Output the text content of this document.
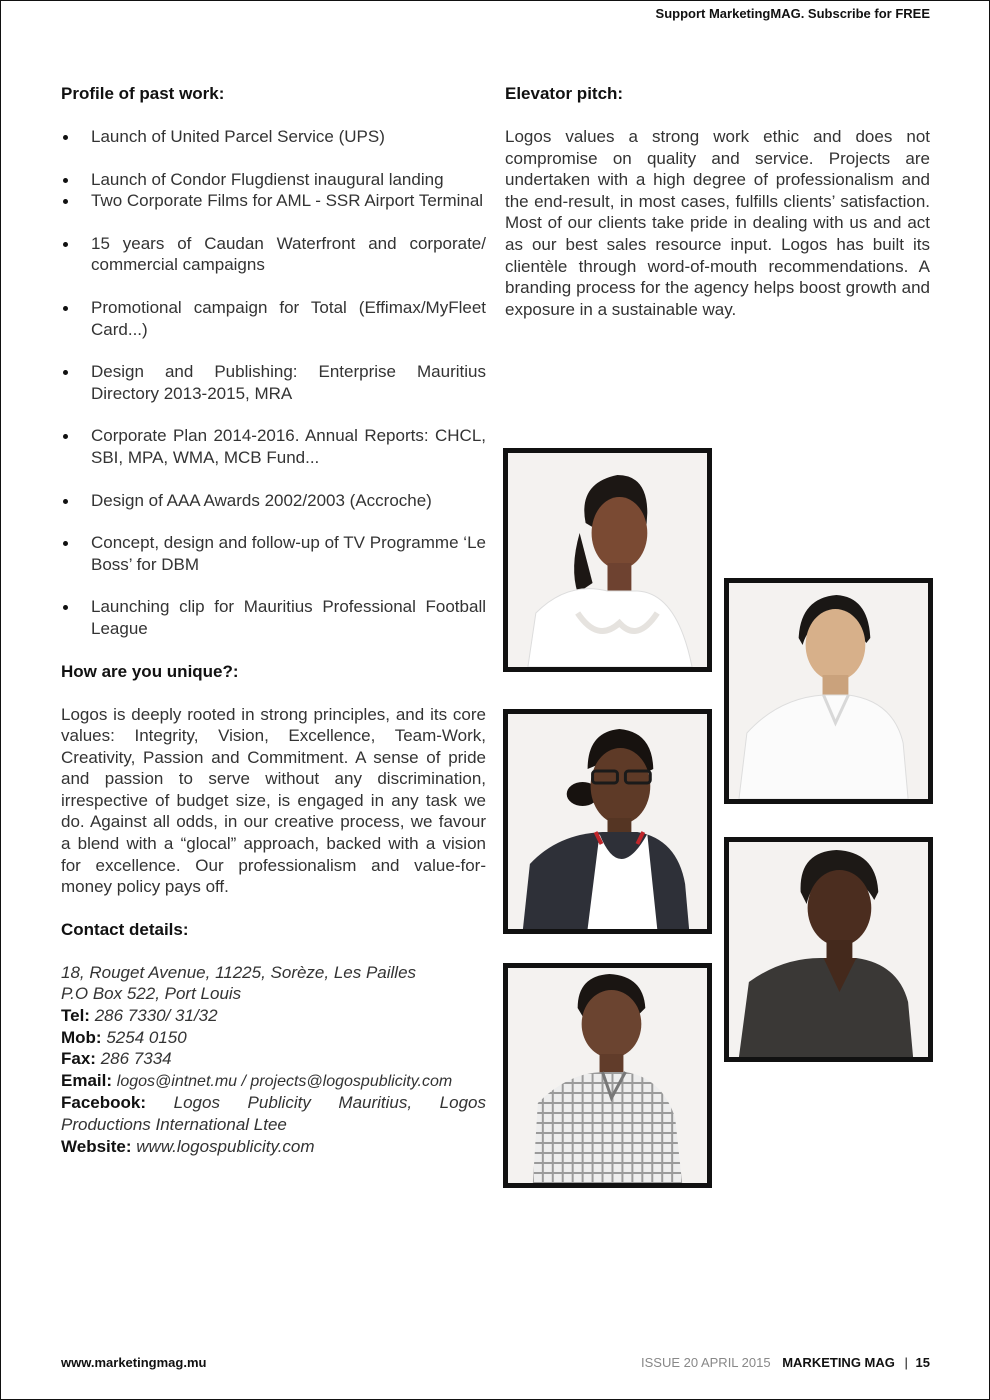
Support MarketingMAG. Subscribe for FREE
Profile of past work:
Launch of United Parcel Service (UPS)
Launch of Condor Flugdienst inaugural landing
Two Corporate Films for AML - SSR Airport Terminal
15 years of Caudan Waterfront and corporate/ commercial campaigns
Promotional campaign for Total (Effimax/MyFleet Card...)
Design and Publishing: Enterprise Mauritius Directory 2013-2015, MRA
Corporate Plan 2014-2016. Annual Reports: CHCL, SBI, MPA, WMA, MCB Fund...
Design of AAA Awards 2002/2003 (Accroche)
Concept, design and follow-up of TV Programme ‘Le Boss’ for DBM
Launching clip for Mauritius Professional Football League
How are you unique?:

Logos is deeply rooted in strong principles, and its core values: Integrity, Vision, Excellence, Team-Work, Creativity, Passion and Commitment. A sense of pride and passion to serve without any discrimination, irrespective of budget size, is engaged in any task we do. Against all odds, in our creative process, we favour a blend with a “glocal” approach, backed with a vision for excellence. Our professionalism and value-for-money policy pays off.

Contact details:
18, Rouget Avenue, 11225, Sorèze, Les Pailles
P.O Box 522, Port Louis
Tel: 286 7330/ 31/32
Mob: 5254 0150
Fax: 286 7334
Email: logos@intnet.mu / projects@logospublicity.com
Facebook: Logos Publicity Mauritius, Logos Productions International Ltee
Website: www.logospublicity.com
Elevator pitch:

Logos values a strong work ethic and does not compromise on quality and service. Projects are undertaken with a high degree of professionalism and the end-result, in most cases, fulfills clients’ satisfaction. Most of our clients take pride in dealing with us and act as our best sales resource input. Logos has built its clientèle through word-of-mouth recommendations. A branding process for the agency helps boost growth and exposure in a sustainable way.

www.marketingmag.mu	ISSUE 20 APRIL 2015 MARKETING MAG | 15
